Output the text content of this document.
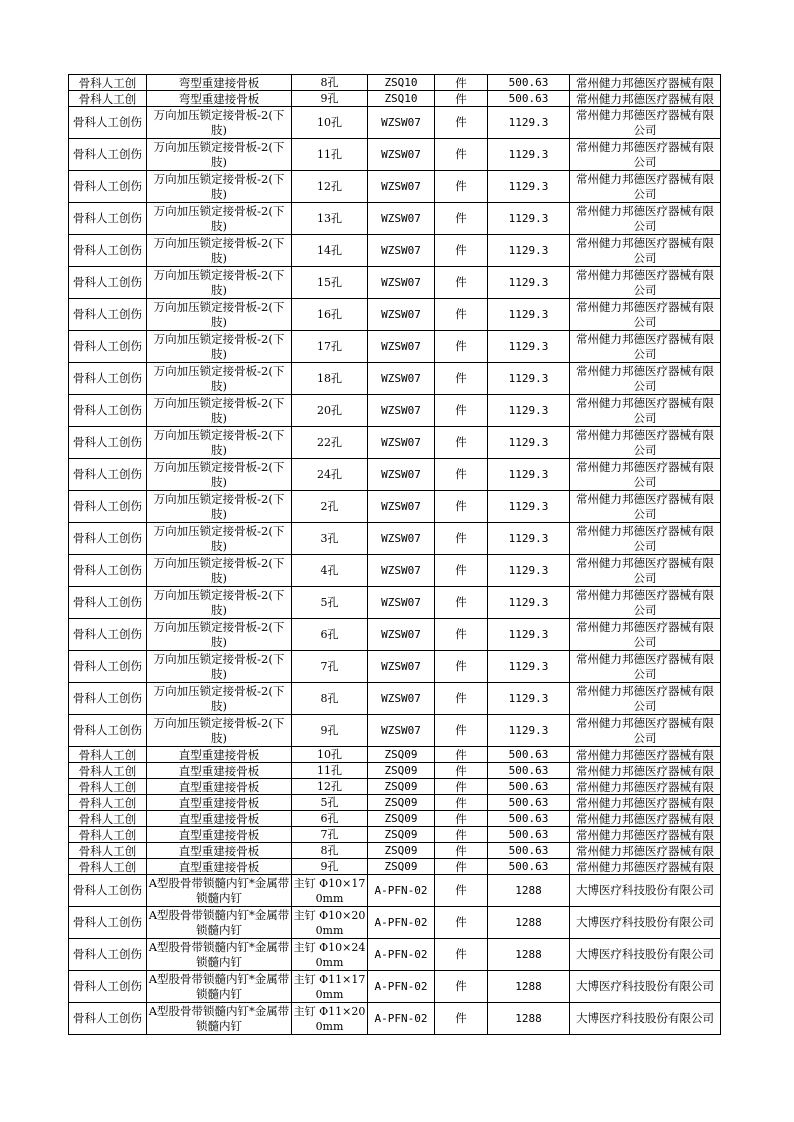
骨科人工创	弯型重建接骨板	8孔	ZSQ10	件	500.63	常州健力邦德医疗器械有限
骨科人工创	弯型重建接骨板	9孔	ZSQ10	件	500.63	常州健力邦德医疗器械有限
骨科人工创伤	万向加压锁定接骨板-2(下肢)	10孔	WZSW07	件	1129.3	常州健力邦德医疗器械有限公司
骨科人工创伤	万向加压锁定接骨板-2(下肢)	11孔	WZSW07	件	1129.3	常州健力邦德医疗器械有限公司
骨科人工创伤	万向加压锁定接骨板-2(下肢)	12孔	WZSW07	件	1129.3	常州健力邦德医疗器械有限公司
骨科人工创伤	万向加压锁定接骨板-2(下肢)	13孔	WZSW07	件	1129.3	常州健力邦德医疗器械有限公司
骨科人工创伤	万向加压锁定接骨板-2(下肢)	14孔	WZSW07	件	1129.3	常州健力邦德医疗器械有限公司
骨科人工创伤	万向加压锁定接骨板-2(下肢)	15孔	WZSW07	件	1129.3	常州健力邦德医疗器械有限公司
骨科人工创伤	万向加压锁定接骨板-2(下肢)	16孔	WZSW07	件	1129.3	常州健力邦德医疗器械有限公司
骨科人工创伤	万向加压锁定接骨板-2(下肢)	17孔	WZSW07	件	1129.3	常州健力邦德医疗器械有限公司
骨科人工创伤	万向加压锁定接骨板-2(下肢)	18孔	WZSW07	件	1129.3	常州健力邦德医疗器械有限公司
骨科人工创伤	万向加压锁定接骨板-2(下肢)	20孔	WZSW07	件	1129.3	常州健力邦德医疗器械有限公司
骨科人工创伤	万向加压锁定接骨板-2(下肢)	22孔	WZSW07	件	1129.3	常州健力邦德医疗器械有限公司
骨科人工创伤	万向加压锁定接骨板-2(下肢)	24孔	WZSW07	件	1129.3	常州健力邦德医疗器械有限公司
骨科人工创伤	万向加压锁定接骨板-2(下肢)	2孔	WZSW07	件	1129.3	常州健力邦德医疗器械有限公司
骨科人工创伤	万向加压锁定接骨板-2(下肢)	3孔	WZSW07	件	1129.3	常州健力邦德医疗器械有限公司
骨科人工创伤	万向加压锁定接骨板-2(下肢)	4孔	WZSW07	件	1129.3	常州健力邦德医疗器械有限公司
骨科人工创伤	万向加压锁定接骨板-2(下肢)	5孔	WZSW07	件	1129.3	常州健力邦德医疗器械有限公司
骨科人工创伤	万向加压锁定接骨板-2(下肢)	6孔	WZSW07	件	1129.3	常州健力邦德医疗器械有限公司
骨科人工创伤	万向加压锁定接骨板-2(下肢)	7孔	WZSW07	件	1129.3	常州健力邦德医疗器械有限公司
骨科人工创伤	万向加压锁定接骨板-2(下肢)	8孔	WZSW07	件	1129.3	常州健力邦德医疗器械有限公司
骨科人工创伤	万向加压锁定接骨板-2(下肢)	9孔	WZSW07	件	1129.3	常州健力邦德医疗器械有限公司
骨科人工创	直型重建接骨板	10孔	ZSQ09	件	500.63	常州健力邦德医疗器械有限
骨科人工创	直型重建接骨板	11孔	ZSQ09	件	500.63	常州健力邦德医疗器械有限
骨科人工创	直型重建接骨板	12孔	ZSQ09	件	500.63	常州健力邦德医疗器械有限
骨科人工创	直型重建接骨板	5孔	ZSQ09	件	500.63	常州健力邦德医疗器械有限
骨科人工创	直型重建接骨板	6孔	ZSQ09	件	500.63	常州健力邦德医疗器械有限
骨科人工创	直型重建接骨板	7孔	ZSQ09	件	500.63	常州健力邦德医疗器械有限
骨科人工创	直型重建接骨板	8孔	ZSQ09	件	500.63	常州健力邦德医疗器械有限
骨科人工创	直型重建接骨板	9孔	ZSQ09	件	500.63	常州健力邦德医疗器械有限
骨科人工创伤	A型股骨带锁髓内钉*金属带锁髓内钉	主钉 Φ10×170mm	A-PFN-02	件	1288	大博医疗科技股份有限公司
骨科人工创伤	A型股骨带锁髓内钉*金属带锁髓内钉	主钉 Φ10×200mm	A-PFN-02	件	1288	大博医疗科技股份有限公司
骨科人工创伤	A型股骨带锁髓内钉*金属带锁髓内钉	主钉 Φ10×240mm	A-PFN-02	件	1288	大博医疗科技股份有限公司
骨科人工创伤	A型股骨带锁髓内钉*金属带锁髓内钉	主钉 Φ11×170mm	A-PFN-02	件	1288	大博医疗科技股份有限公司
骨科人工创伤	A型股骨带锁髓内钉*金属带锁髓内钉	主钉 Φ11×200mm	A-PFN-02	件	1288	大博医疗科技股份有限公司
